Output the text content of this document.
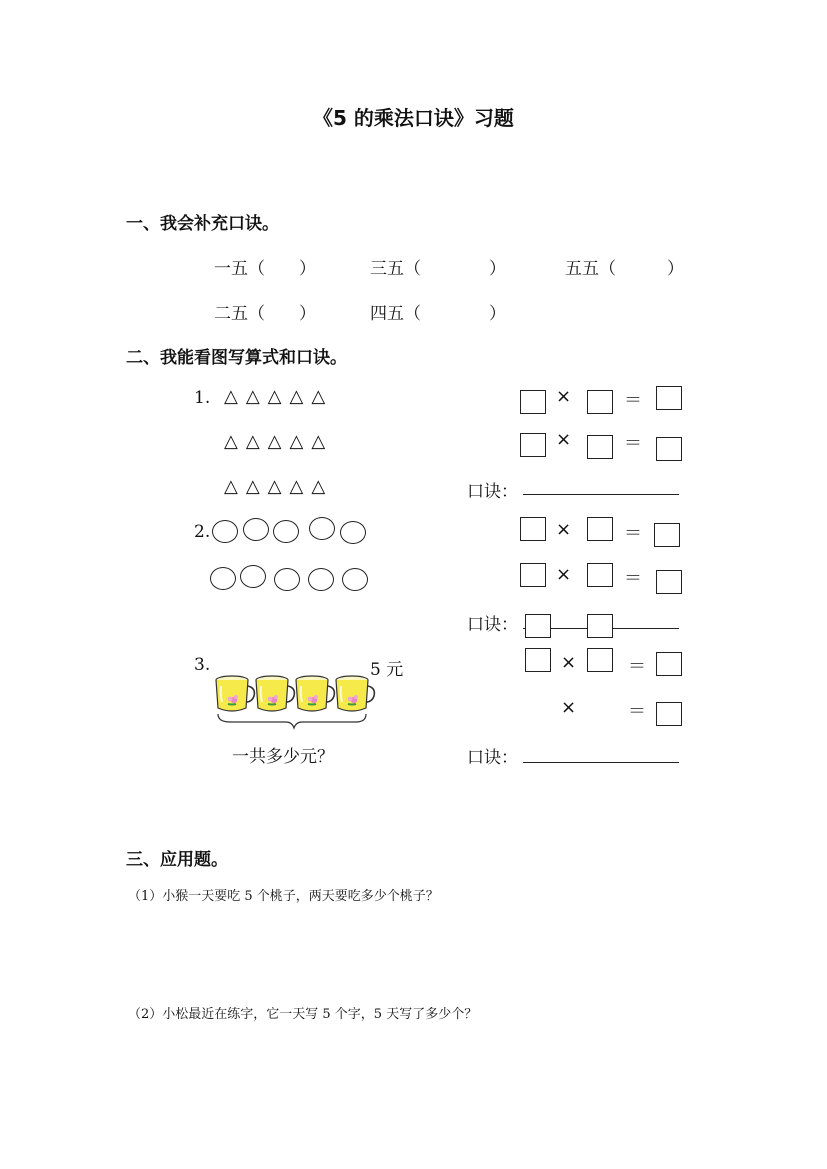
《5 的乘法口诀》习题
一、我会补充口诀。
一五（　　）	三五（　　　　）	五五（　　　）
二五（　　）	四五（　　　　）
二、我能看图写算式和口诀。
1. △△△△△
△△△△△
△△△△△
×	＝
×	＝
口诀：
2.	×	＝
×	＝
口诀：
3.	5 元
一共多少元？
×	＝
×	＝
口诀：
三、应用题。
（1）小猴一天要吃 5 个桃子，两天要吃多少个桃子？
（2）小松最近在练字，它一天写 5 个字，5 天写了多少个？
